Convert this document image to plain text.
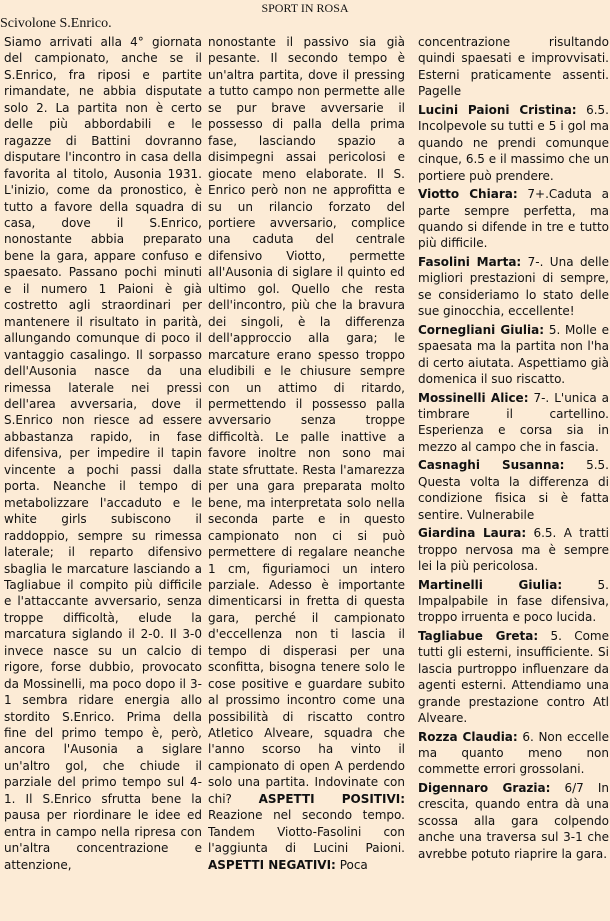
SPORT IN ROSA
Scivolone S.Enrico.
Siamo arrivati alla 4° giornata del campionato, anche se il S.Enrico, fra riposi e partite rimandate, ne abbia disputate solo 2. La partita non è certo delle più abbordabili e le ragazze di Battini dovranno disputare l'incontro in casa della favorita al titolo, Ausonia 1931. L'inizio, come da pronostico, è tutto a favore della squadra di casa, dove il S.Enrico, nonostante abbia preparato bene la gara, appare confuso e spaesato. Passano pochi minuti e il numero 1 Paioni è già costretto agli straordinari per mantenere il risultato in parità, allungando comunque di poco il vantaggio casalingo. Il sorpasso dell'Ausonia nasce da una rimessa laterale nei pressi dell'area avversaria, dove il S.Enrico non riesce ad essere abbastanza rapido, in fase difensiva, per impedire il tapin vincente a pochi passi dalla porta. Neanche il tempo di metabolizzare l'accaduto e le white girls subiscono il raddoppio, sempre su rimessa laterale; il reparto difensivo sbaglia le marcature lasciando a Tagliabue il compito più difficile e l'attaccante avversario, senza troppe difficoltà, elude la marcatura siglando il 2-0. Il 3-0 invece nasce su un calcio di rigore, forse dubbio, provocato da Mossinelli, ma poco dopo il 3-1 sembra ridare energia allo stordito S.Enrico. Prima della fine del primo tempo è, però, ancora l'Ausonia a siglare un'altro gol, che chiude il parziale del primo tempo sul 4-1. Il S.Enrico sfrutta bene la pausa per riordinare le idee ed entra in campo nella ripresa con un'altra concentrazione e attenzione,
nonostante il passivo sia già pesante. Il secondo tempo è un'altra partita, dove il pressing a tutto campo non permette alle se pur brave avversarie il possesso di palla della prima fase, lasciando spazio a disimpegni assai pericolosi e giocate meno elaborate. Il S. Enrico però non ne approfitta e su un rilancio forzato del portiere avversario, complice una caduta del centrale difensivo Viotto, permette all'Ausonia di siglare il quinto ed ultimo gol. Quello che resta dell'incontro, più che la bravura dei singoli, è la differenza dell'approccio alla gara; le marcature erano spesso troppo eludibili e le chiusure sempre con un attimo di ritardo, permettendo il possesso palla avversario senza troppe difficoltà. Le palle inattive a favore inoltre non sono mai state sfruttate. Resta l'amarezza per una gara preparata molto bene, ma interpretata solo nella seconda parte e in questo campionato non ci si può permettere di regalare neanche 1 cm, figuriamoci un intero parziale. Adesso è importante dimenticarsi in fretta di questa gara, perché il campionato d'eccellenza non ti lascia il tempo di disperasi per una sconfitta, bisogna tenere solo le cose positive e guardare subito al prossimo incontro come una possibilità di riscatto contro Atletico Alveare, squadra che l'anno scorso ha vinto il campionato di open A perdendo solo una partita. Indovinate con chi? ASPETTI POSITIVI: Reazione nel secondo tempo. Tandem Viotto-Fasolini con l'aggiunta di Lucini Paioni. ASPETTI NEGATIVI: Poca

concentrazione risultando quindi spaesati e improvvisati. Esterni praticamente assenti. Pagelle

Lucini Paioni Cristina: 6.5. Incolpevole su tutti e 5 i gol ma quando ne prendi comunque cinque, 6.5 e il massimo che un portiere può prendere.

Viotto Chiara: 7+.Caduta a parte sempre perfetta, ma quando si difende in tre e tutto più difficile.

Fasolini Marta: 7-. Una delle migliori prestazioni di sempre, se consideriamo lo stato delle sue ginocchia, eccellente!

Cornegliani Giulia: 5. Molle e spaesata ma la partita non l'ha di certo aiutata. Aspettiamo già domenica il suo riscatto.

Mossinelli Alice: 7-. L'unica a timbrare il cartellino. Esperienza e corsa sia in mezzo al campo che in fascia.

Casnaghi Susanna: 5.5. Questa volta la differenza di condizione fisica si è fatta sentire. Vulnerabile

Giardina Laura: 6.5. A tratti troppo nervosa ma è sempre lei la più pericolosa.

Martinelli Giulia:	5. Impalpabile in fase difensiva, troppo irruenta e poco lucida.

Tagliabue Greta: 5. Come tutti gli esterni, insufficiente. Si lascia purtroppo influenzare da agenti esterni. Attendiamo una grande prestazione contro Atl Alveare.

Rozza Claudia: 6. Non eccelle ma quanto meno non commette errori grossolani.

Digennaro Grazia: 6/7 In crescita, quando entra dà una scossa alla gara colpendo anche una traversa sul 3-1 che avrebbe potuto riaprire la gara.
